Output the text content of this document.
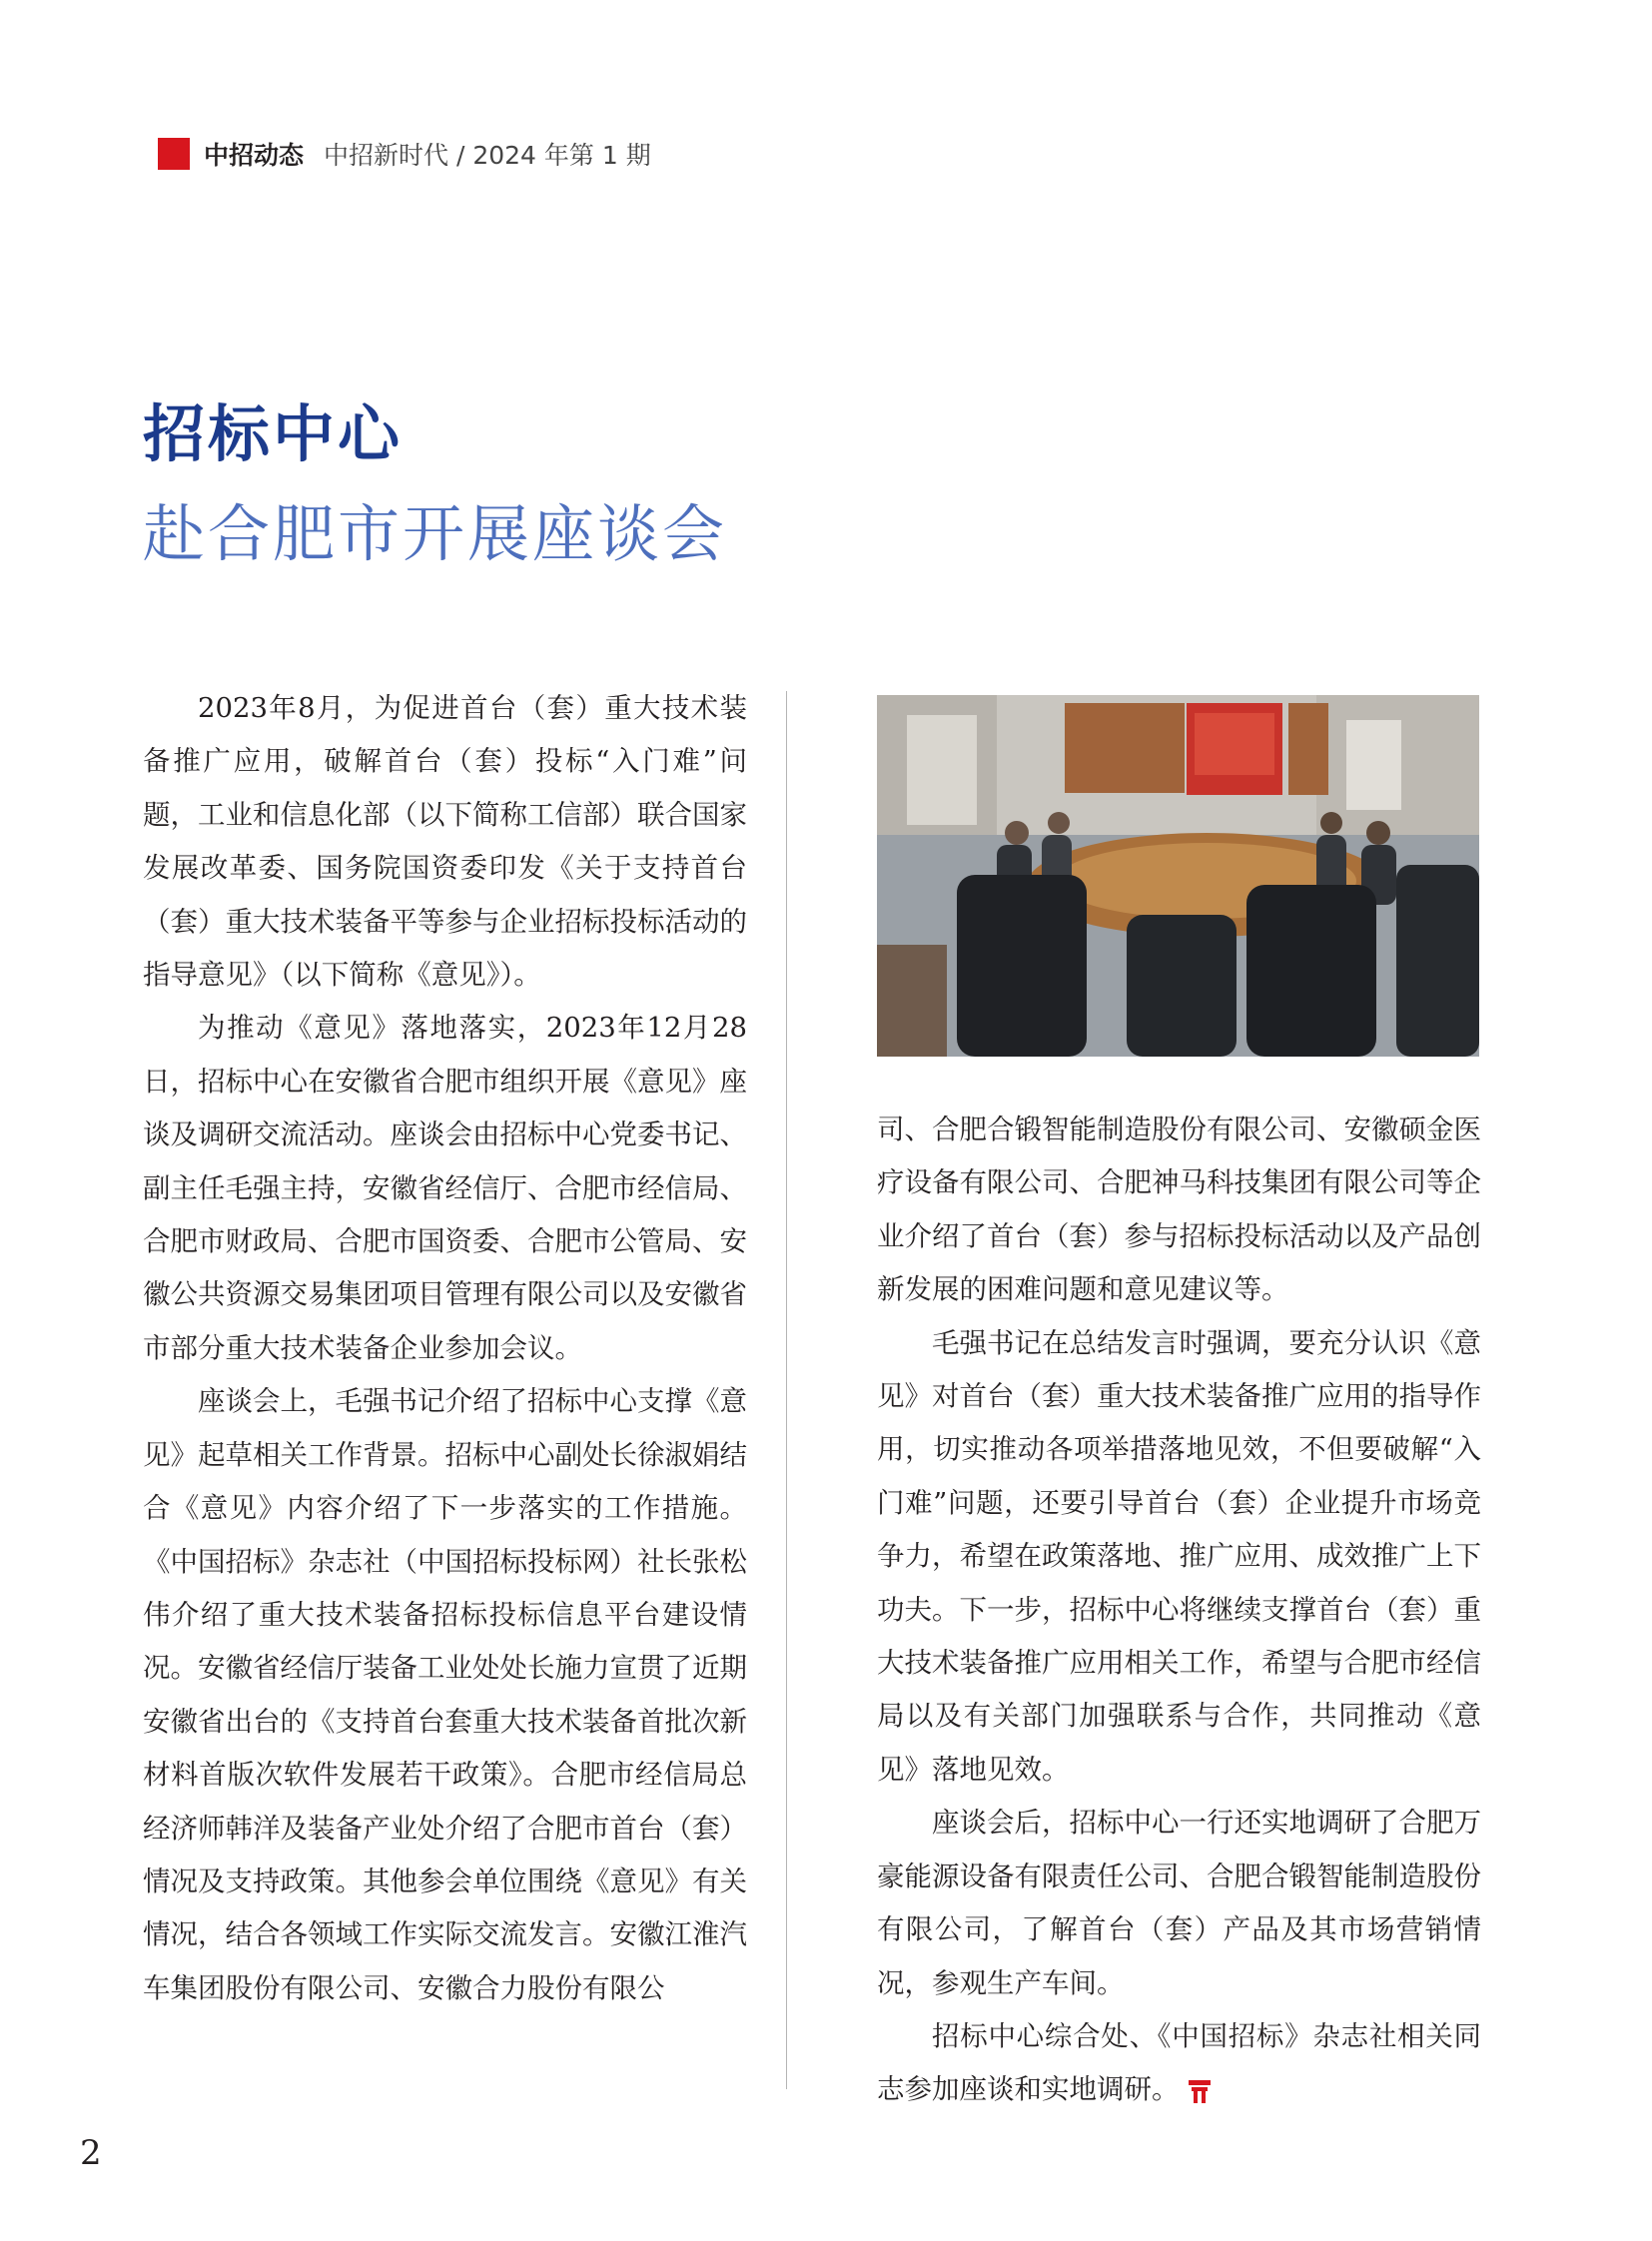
中招动态 中招新时代 / 2024 年第 1 期
招标中心
赴合肥市开展座谈会

2023年8月，为促进首台（套）重大技术装备推广应用，破解首台（套）投标“入门难”问题，工业和信息化部（以下简称工信部）联合国家发展改革委、国务院国资委印发《关于支持首台（套）重大技术装备平等参与企业招标投标活动的指导意见》（以下简称《意见》）。

为推动《意见》落地落实，2023年12月28日，招标中心在安徽省合肥市组织开展《意见》座谈及调研交流活动。座谈会由招标中心党委书记、副主任毛强主持，安徽省经信厅、合肥市经信局、合肥市财政局、合肥市国资委、合肥市公管局、安徽公共资源交易集团项目管理有限公司以及安徽省市部分重大技术装备企业参加会议。

座谈会上，毛强书记介绍了招标中心支撑《意见》起草相关工作背景。招标中心副处长徐淑娟结合《意见》内容介绍了下一步落实的工作措施。《中国招标》杂志社（中国招标投标网）社长张松伟介绍了重大技术装备招标投标信息平台建设情况。安徽省经信厅装备工业处处长施力宣贯了近期安徽省出台的《支持首台套重大技术装备首批次新材料首版次软件发展若干政策》。合肥市经信局总经济师韩洋及装备产业处介绍了合肥市首台（套）情况及支持政策。其他参会单位围绕《意见》有关情况，结合各领域工作实际交流发言。安徽江淮汽车集团股份有限公司、安徽合力股份有限公

司、合肥合锻智能制造股份有限公司、安徽硕金医疗设备有限公司、合肥神马科技集团有限公司等企业介绍了首台（套）参与招标投标活动以及产品创新发展的困难问题和意见建议等。

毛强书记在总结发言时强调，要充分认识《意见》对首台（套）重大技术装备推广应用的指导作用，切实推动各项举措落地见效，不但要破解“入门难”问题，还要引导首台（套）企业提升市场竞争力，希望在政策落地、推广应用、成效推广上下功夫。下一步，招标中心将继续支撑首台（套）重大技术装备推广应用相关工作，希望与合肥市经信局以及有关部门加强联系与合作，共同推动《意见》落地见效。

座谈会后，招标中心一行还实地调研了合肥万豪能源设备有限责任公司、合肥合锻智能制造股份有限公司，了解首台（套）产品及其市场营销情况，参观生产车间。

招标中心综合处、《中国招标》杂志社相关同志参加座谈和实地调研。

2
